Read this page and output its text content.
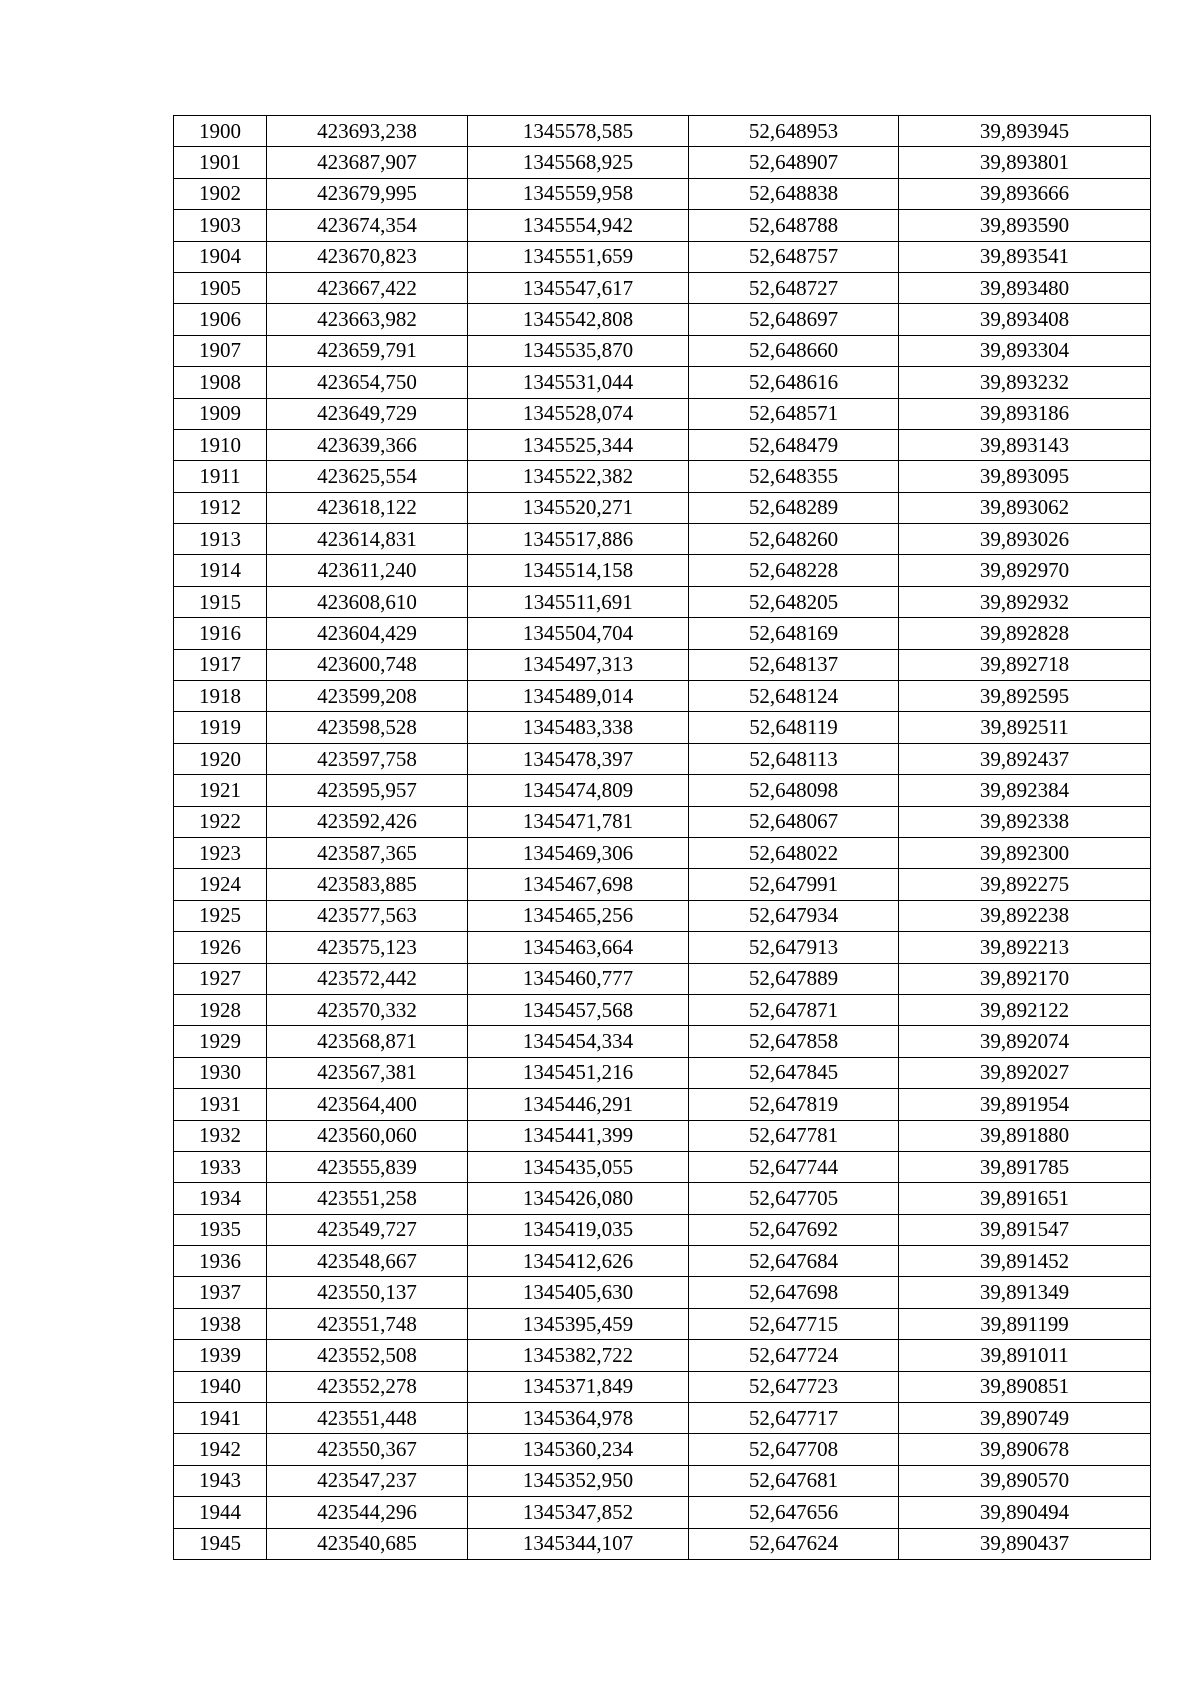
1900	423693,238	1345578,585	52,648953	39,893945
1901	423687,907	1345568,925	52,648907	39,893801
1902	423679,995	1345559,958	52,648838	39,893666
1903	423674,354	1345554,942	52,648788	39,893590
1904	423670,823	1345551,659	52,648757	39,893541
1905	423667,422	1345547,617	52,648727	39,893480
1906	423663,982	1345542,808	52,648697	39,893408
1907	423659,791	1345535,870	52,648660	39,893304
1908	423654,750	1345531,044	52,648616	39,893232
1909	423649,729	1345528,074	52,648571	39,893186
1910	423639,366	1345525,344	52,648479	39,893143
1911	423625,554	1345522,382	52,648355	39,893095
1912	423618,122	1345520,271	52,648289	39,893062
1913	423614,831	1345517,886	52,648260	39,893026
1914	423611,240	1345514,158	52,648228	39,892970
1915	423608,610	1345511,691	52,648205	39,892932
1916	423604,429	1345504,704	52,648169	39,892828
1917	423600,748	1345497,313	52,648137	39,892718
1918	423599,208	1345489,014	52,648124	39,892595
1919	423598,528	1345483,338	52,648119	39,892511
1920	423597,758	1345478,397	52,648113	39,892437
1921	423595,957	1345474,809	52,648098	39,892384
1922	423592,426	1345471,781	52,648067	39,892338
1923	423587,365	1345469,306	52,648022	39,892300
1924	423583,885	1345467,698	52,647991	39,892275
1925	423577,563	1345465,256	52,647934	39,892238
1926	423575,123	1345463,664	52,647913	39,892213
1927	423572,442	1345460,777	52,647889	39,892170
1928	423570,332	1345457,568	52,647871	39,892122
1929	423568,871	1345454,334	52,647858	39,892074
1930	423567,381	1345451,216	52,647845	39,892027
1931	423564,400	1345446,291	52,647819	39,891954
1932	423560,060	1345441,399	52,647781	39,891880
1933	423555,839	1345435,055	52,647744	39,891785
1934	423551,258	1345426,080	52,647705	39,891651
1935	423549,727	1345419,035	52,647692	39,891547
1936	423548,667	1345412,626	52,647684	39,891452
1937	423550,137	1345405,630	52,647698	39,891349
1938	423551,748	1345395,459	52,647715	39,891199
1939	423552,508	1345382,722	52,647724	39,891011
1940	423552,278	1345371,849	52,647723	39,890851
1941	423551,448	1345364,978	52,647717	39,890749
1942	423550,367	1345360,234	52,647708	39,890678
1943	423547,237	1345352,950	52,647681	39,890570
1944	423544,296	1345347,852	52,647656	39,890494
1945	423540,685	1345344,107	52,647624	39,890437
